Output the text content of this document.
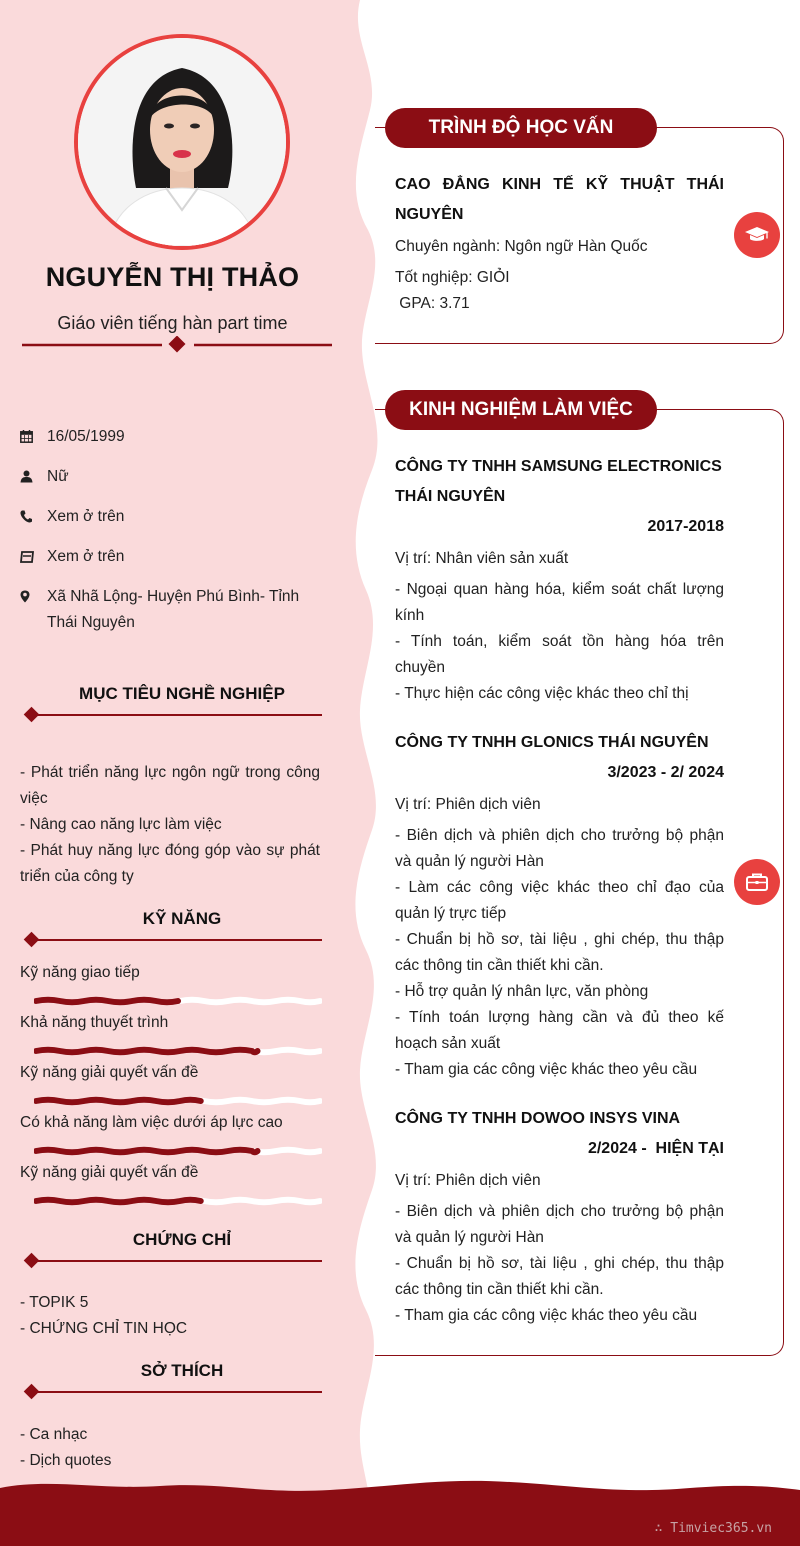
NGUYỄN THỊ THẢO
Giáo viên tiếng hàn part time
16/05/1999
Nữ
Xem ở trên
Xem ở trên
Xã Nhã Lộng- Huyện Phú Bình- Tỉnh Thái Nguyên
MỤC TIÊU NGHỀ NGHIỆP
- Phát triển năng lực ngôn ngữ trong công việc
- Nâng cao năng lực làm việc
- Phát huy năng lực đóng góp vào sự phát triển của công ty
KỸ NĂNG
Kỹ năng giao tiếp
Khả năng thuyết trình
Kỹ năng giải quyết vấn đề
Có khả năng làm việc dưới áp lực cao
Kỹ năng giải quyết vấn đề
CHỨNG CHỈ
- TOPIK 5
- CHỨNG CHỈ TIN HỌC
SỞ THÍCH
- Ca nhạc
- Dịch quotes
TRÌNH ĐỘ HỌC VẤN
CAO ĐẲNG KINH TẾ KỸ THUẬT THÁI NGUYÊN
Chuyên ngành: Ngôn ngữ Hàn Quốc
Tốt nghiệp: GIỎI
GPA: 3.71
KINH NGHIỆM LÀM VIỆC
CÔNG TY TNHH SAMSUNG ELECTRONICS THÁI NGUYÊN
2017-2018
Vị trí: Nhân viên sản xuất
- Ngoại quan hàng hóa, kiểm soát chất lượng kính
- Tính toán, kiểm soát tồn hàng hóa trên chuyền
- Thực hiện các công việc khác theo chỉ thị
CÔNG TY TNHH GLONICS THÁI NGUYÊN
3/2023 - 2/ 2024
Vị trí: Phiên dịch viên
- Biên dịch và phiên dịch cho trưởng bộ phận và quản lý người Hàn
- Làm các công việc khác theo chỉ đạo của quản lý trực tiếp
- Chuẩn bị hồ sơ, tài liệu , ghi chép, thu thập các thông tin cần thiết khi cần.
- Hỗ trợ quản lý nhân lực, văn phòng
- Tính toán lượng hàng cần và đủ theo kế hoạch sản xuất
- Tham gia các công việc khác theo yêu cầu
CÔNG TY TNHH DOWOO INSYS VINA
2/2024 -  HIỆN TẠI
Vị trí: Phiên dịch viên
- Biên dịch và phiên dịch cho trưởng bộ phận và quản lý người Hàn
- Chuẩn bị hồ sơ, tài liệu , ghi chép, thu thập các thông tin cần thiết khi cần.
- Tham gia các công việc khác theo yêu cầu
∴ Timviec365.vn
